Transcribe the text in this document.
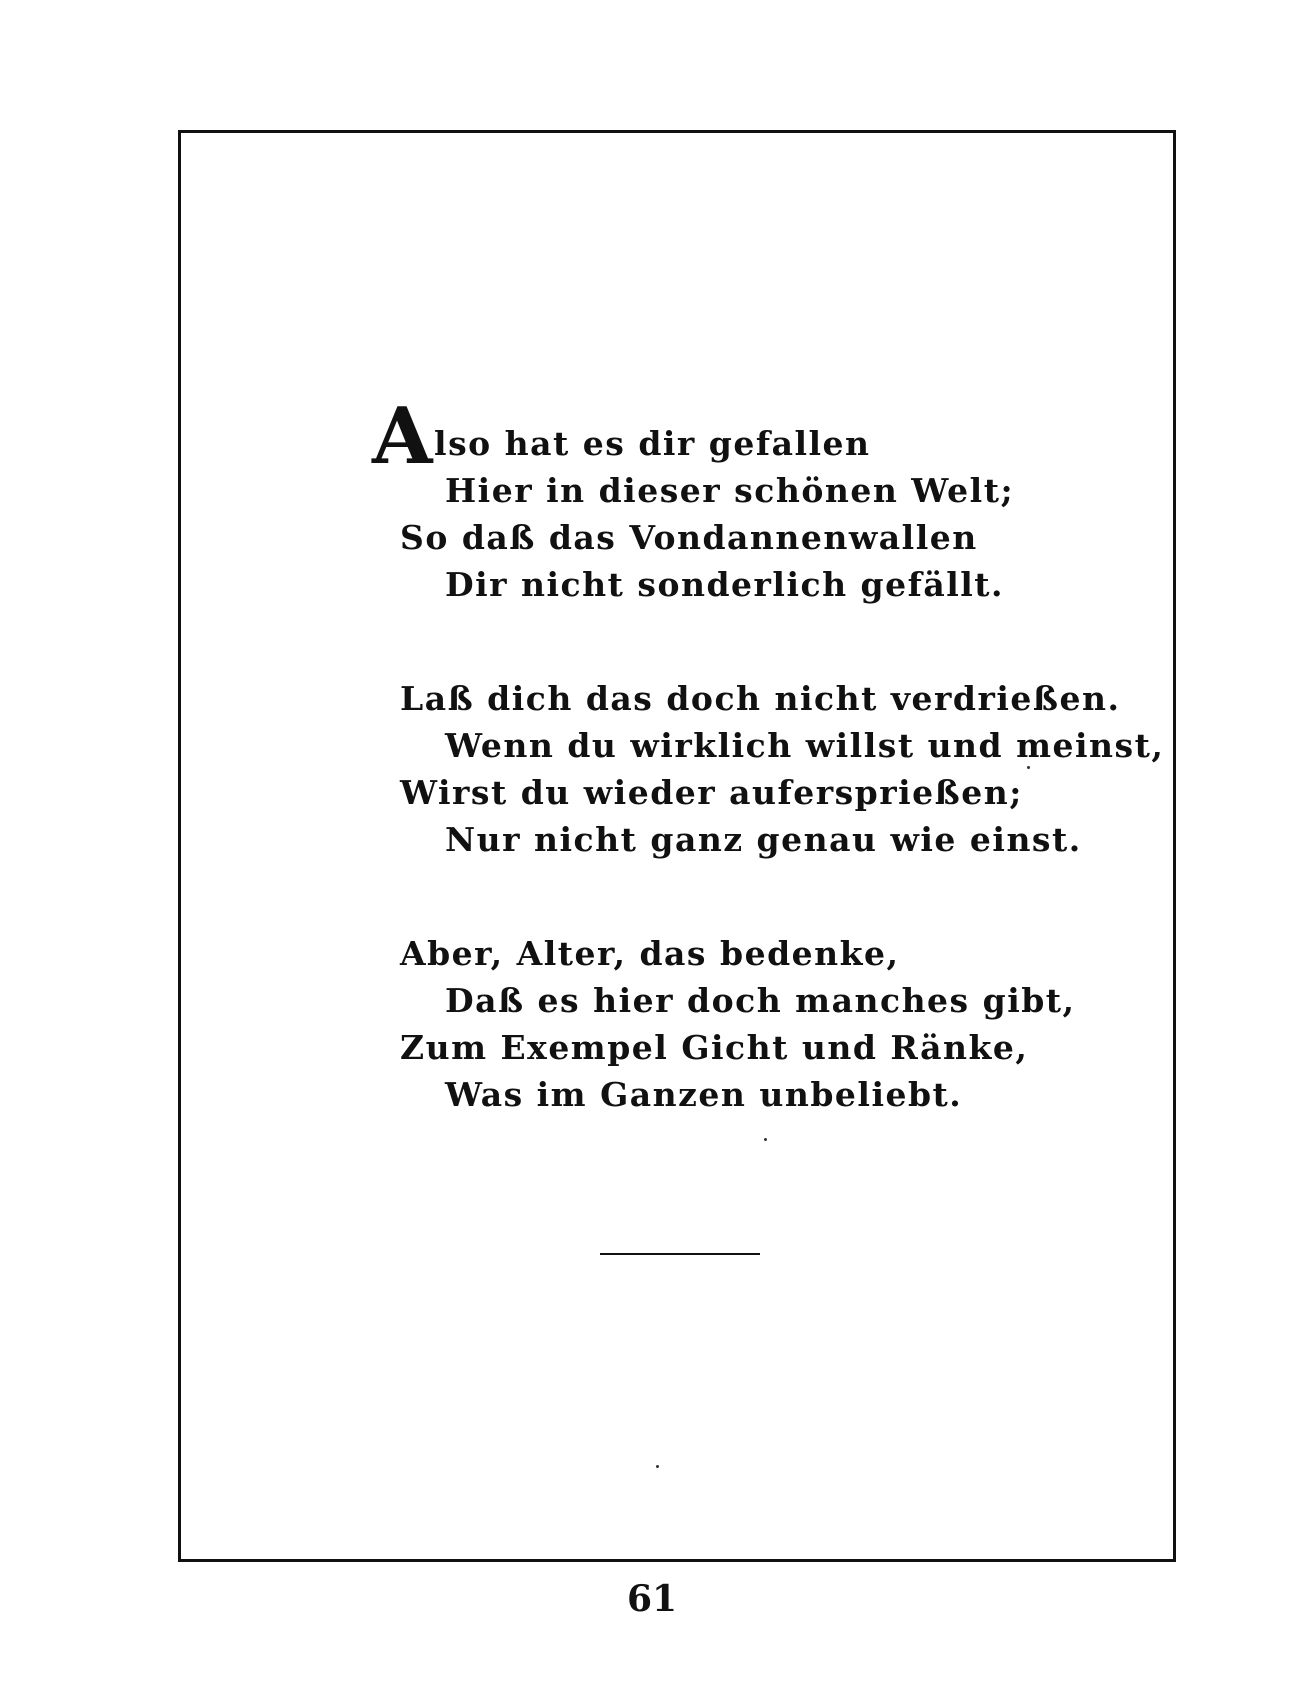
Also hat es dir gefallen
Hier in dieser schönen Welt;
So daß das Vondannenwallen
Dir nicht sonderlich gefällt.
Laß dich das doch nicht verdrießen.
Wenn du wirklich willst und meinst,
Wirst du wieder aufersprießen;
Nur nicht ganz genau wie einst.
Aber, Alter, das bedenke,
Daß es hier doch manches gibt,
Zum Exempel Gicht und Ränke,
Was im Ganzen unbeliebt.
61
